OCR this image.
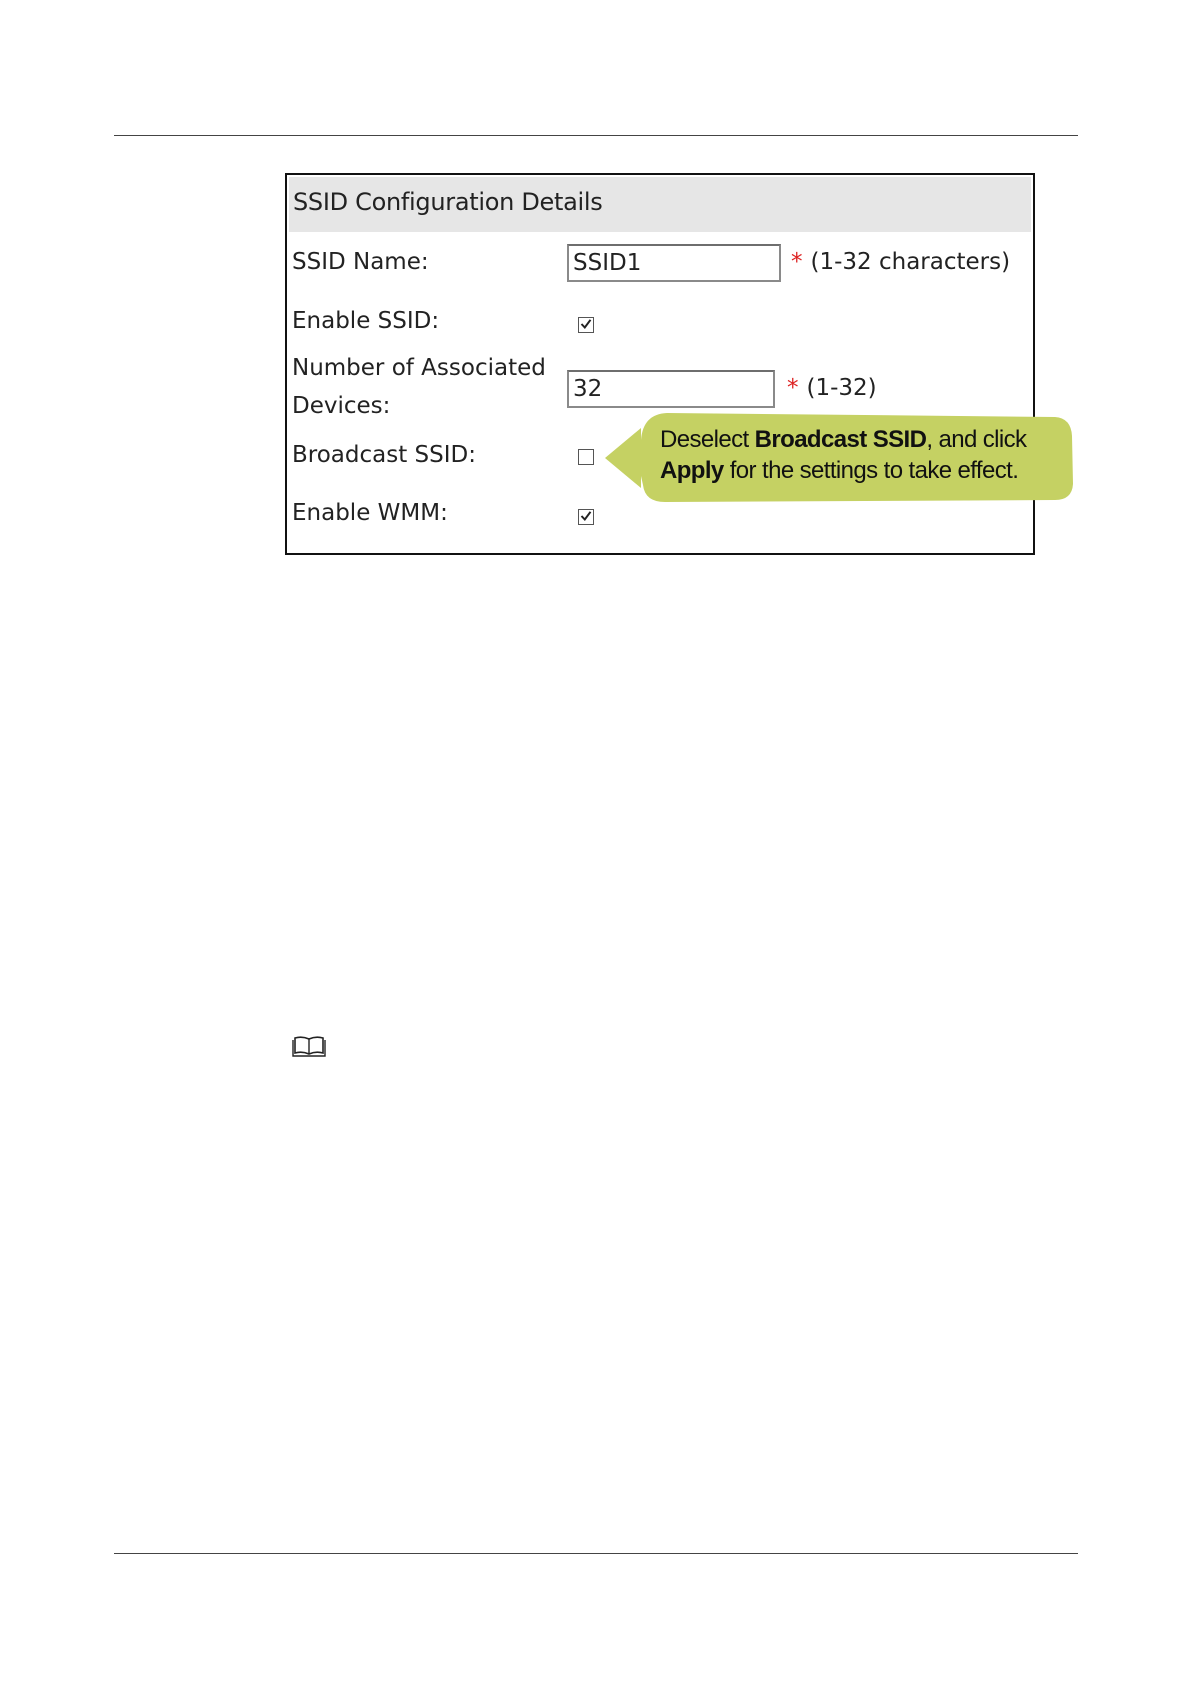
SSID Configuration Details
SSID Name:
SSID1	* (1-32 characters)
Enable SSID:
Number of Associated
Devices:
32
* (1-32)
Broadcast SSID:
Enable WMM:
Deselect Broadcast SSID, and click
Apply for the settings to take effect.
